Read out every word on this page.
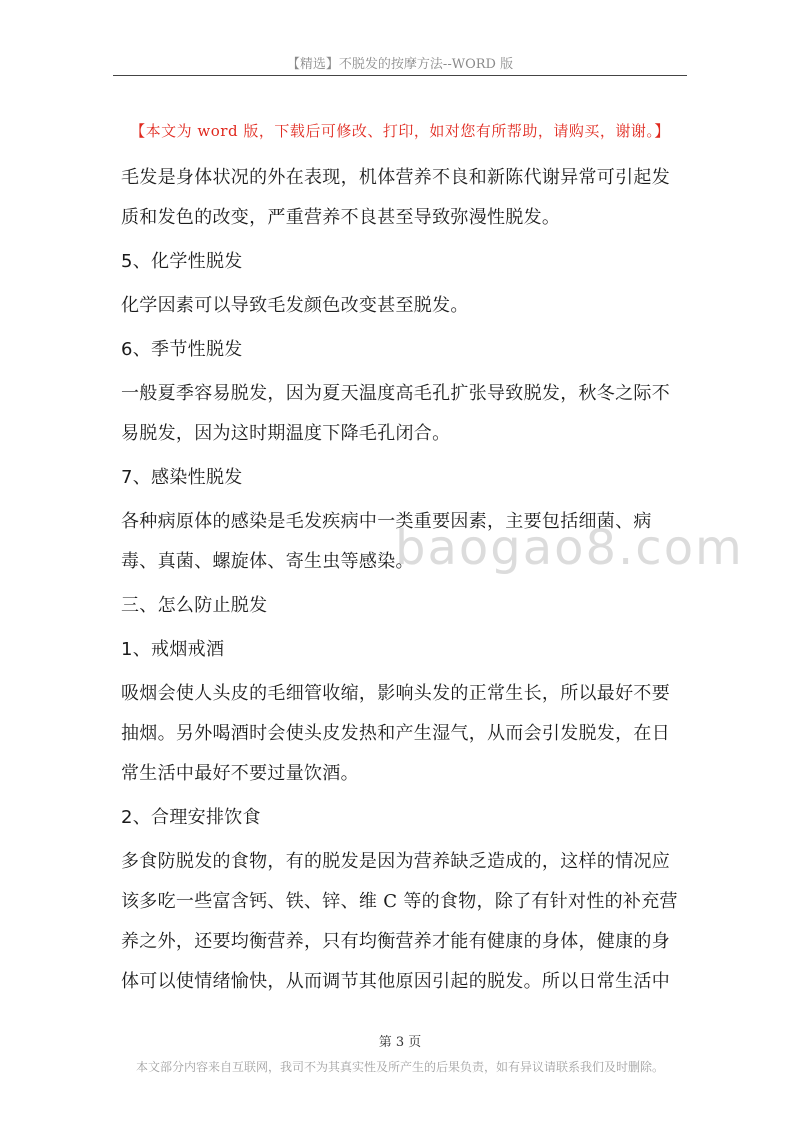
【精选】不脱发的按摩方法--WORD 版
【本文为 word 版，下载后可修改、打印，如对您有所帮助，请购买，谢谢。】
baogao8.com

毛发是身体状况的外在表现，机体营养不良和新陈代谢异常可引起发质和发色的改变，严重营养不良甚至导致弥漫性脱发。

5、化学性脱发

化学因素可以导致毛发颜色改变甚至脱发。

6、季节性脱发

一般夏季容易脱发，因为夏天温度高毛孔扩张导致脱发，秋冬之际不易脱发，因为这时期温度下降毛孔闭合。

7、感染性脱发

各种病原体的感染是毛发疾病中一类重要因素，主要包括细菌、病毒、真菌、螺旋体、寄生虫等感染。

三、怎么防止脱发

1、戒烟戒酒

吸烟会使人头皮的毛细管收缩，影响头发的正常生长，所以最好不要抽烟。另外喝酒时会使头皮发热和产生湿气，从而会引发脱发，在日常生活中最好不要过量饮酒。

2、合理安排饮食

多食防脱发的食物，有的脱发是因为营养缺乏造成的，这样的情况应该多吃一些富含钙、铁、锌、维 C 等的食物，除了有针对性的补充营养之外，还要均衡营养，只有均衡营养才能有健康的身体，健康的身体可以使情绪愉快，从而调节其他原因引起的脱发。所以日常生活中

第 3 页
本文部分内容来自互联网，我司不为其真实性及所产生的后果负责，如有异议请联系我们及时删除。
